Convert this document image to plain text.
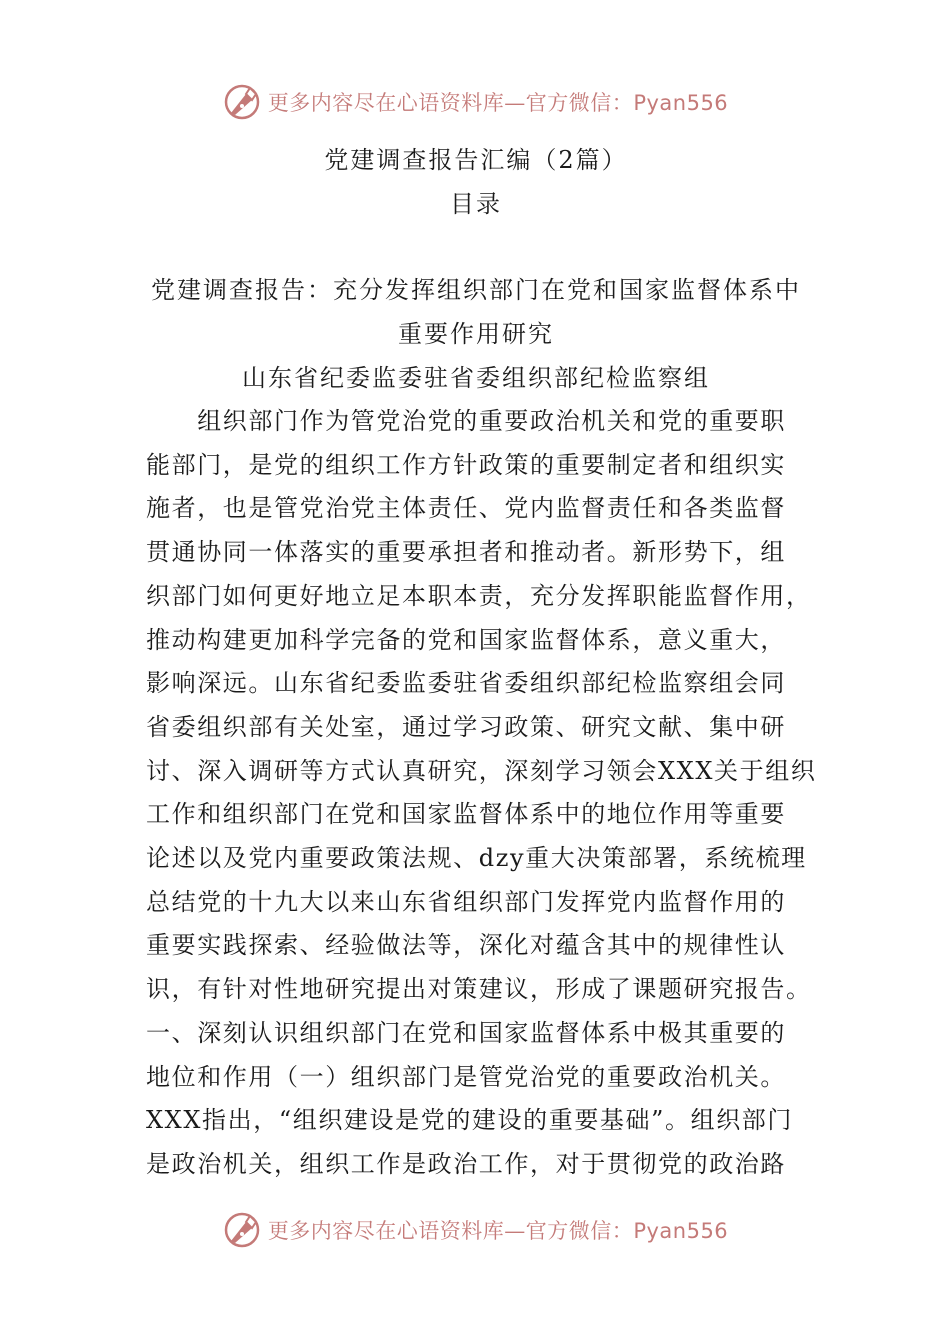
更多内容尽在心语资料库—官方微信：Pyan556

党建调查报告汇编（2篇）

目录

党建调查报告：充分发挥组织部门在党和国家监督体系中
重要作用研究

山东省纪委监委驻省委组织部纪检监察组

　　组织部门作为管党治党的重要政治机关和党的重要职
能部门，是党的组织工作方针政策的重要制定者和组织实
施者，也是管党治党主体责任、党内监督责任和各类监督
贯通协同一体落实的重要承担者和推动者。新形势下，组
织部门如何更好地立足本职本责，充分发挥职能监督作用，
推动构建更加科学完备的党和国家监督体系，意义重大，
影响深远。山东省纪委监委驻省委组织部纪检监察组会同
省委组织部有关处室，通过学习政策、研究文献、集中研
讨、深入调研等方式认真研究，深刻学习领会XXX关于组织
工作和组织部门在党和国家监督体系中的地位作用等重要
论述以及党内重要政策法规、dzy重大决策部署，系统梳理
总结党的十九大以来山东省组织部门发挥党内监督作用的
重要实践探索、经验做法等，深化对蕴含其中的规律性认
识，有针对性地研究提出对策建议，形成了课题研究报告。
一、深刻认识组织部门在党和国家监督体系中极其重要的
地位和作用（一）组织部门是管党治党的重要政治机关。
XXX指出，“组织建设是党的建设的重要基础”。组织部门
是政治机关，组织工作是政治工作，对于贯彻党的政治路
更多内容尽在心语资料库—官方微信：Pyan556
